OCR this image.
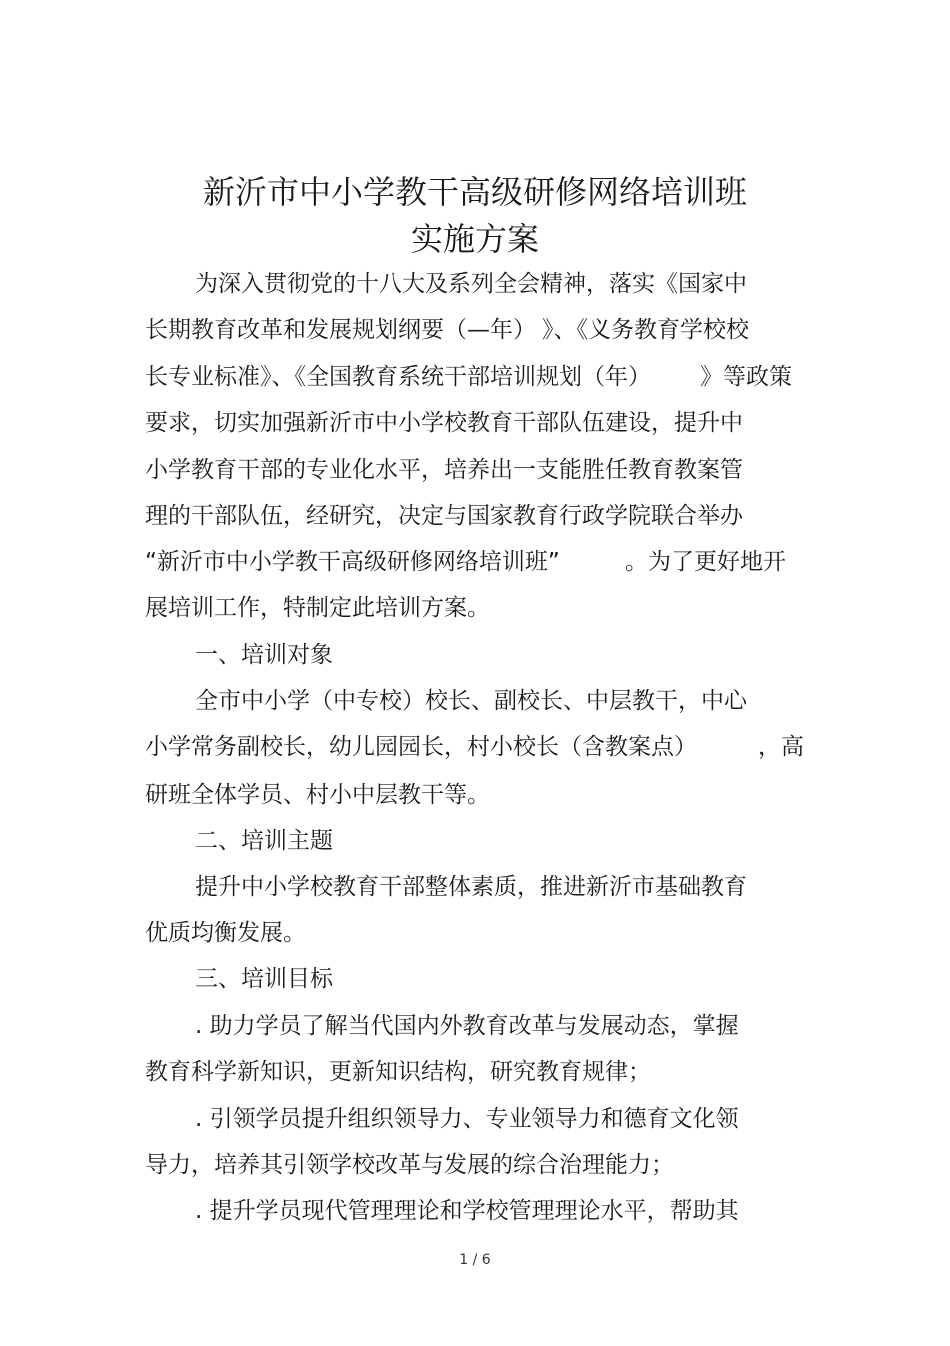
新沂市中小学教干高级研修网络培训班
实施方案
为深入贯彻党的十八大及系列全会精神，落实《国家中
长期教育改革和发展规划纲要（—年） 》、《义务教育学校校
长专业标准》、《全国教育系统干部培训规划（年） 》等政策
要求，切实加强新沂市中小学校教育干部队伍建设，提升中
小学教育干部的专业化水平，培养出一支能胜任教育教案管
理的干部队伍，经研究，决定与国家教育行政学院联合举办
“新沂市中小学教干高级研修网络培训班”	。为了更好地开
展培训工作，特制定此培训方案。
一、培训对象
全市中小学（中专校）校长、副校长、中层教干，中心
小学常务副校长，幼儿园园长，村小校长（含教案点）	，高
研班全体学员、村小中层教干等。
二、培训主题
提升中小学校教育干部整体素质，推进新沂市基础教育
优质均衡发展。
三、培训目标
. 助力学员了解当代国内外教育改革与发展动态，掌握
教育科学新知识，更新知识结构，研究教育规律；
. 引领学员提升组织领导力、专业领导力和德育文化领
导力，培养其引领学校改革与发展的综合治理能力；
. 提升学员现代管理理论和学校管理理论水平，帮助其
1 / 6
